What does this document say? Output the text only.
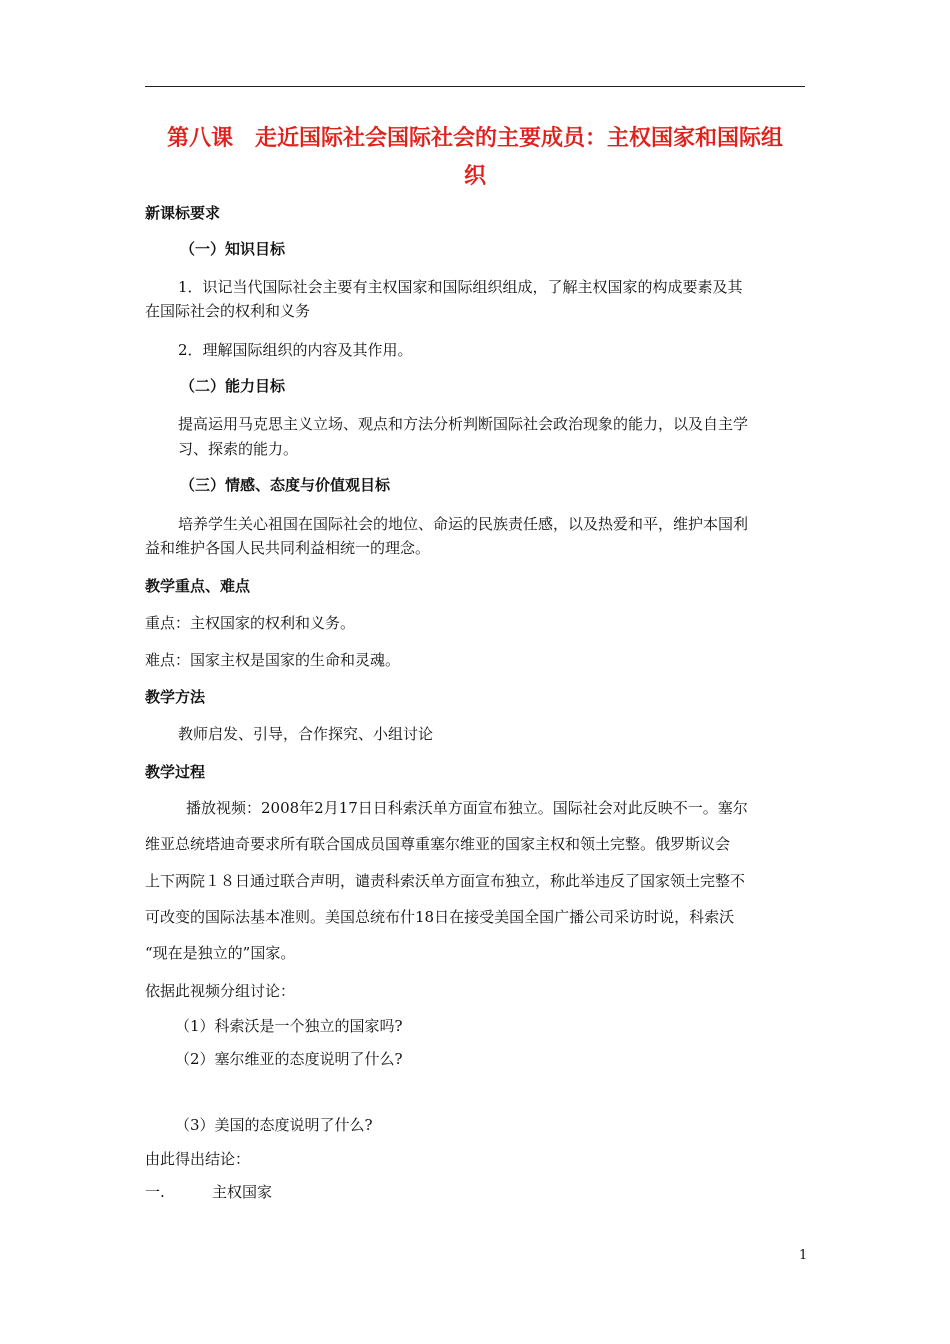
第八课　走近国际社会国际社会的主要成员：主权国家和国际组
织
新课标要求
（一）知识目标
1．识记当代国际社会主要有主权国家和国际组织组成，了解主权国家的构成要素及其
在国际社会的权利和义务
2．理解国际组织的内容及其作用。
（二）能力目标
提高运用马克思主义立场、观点和方法分析判断国际社会政治现象的能力，以及自主学
习、探索的能力。
（三）情感、态度与价值观目标
培养学生关心祖国在国际社会的地位、命运的民族责任感，以及热爱和平，维护本国利
益和维护各国人民共同利益相统一的理念。
教学重点、难点
重点：主权国家的权利和义务。
难点：国家主权是国家的生命和灵魂。
教学方法
教师启发、引导，合作探究、小组讨论
教学过程
播放视频：2008年2月17日日科索沃单方面宣布独立。国际社会对此反映不一。塞尔
维亚总统塔迪奇要求所有联合国成员国尊重塞尔维亚的国家主权和领土完整。俄罗斯议会
上下两院１８日通过联合声明，谴责科索沃单方面宣布独立，称此举违反了国家领土完整不
可改变的国际法基本准则。美国总统布什18日在接受美国全国广播公司采访时说，科索沃
“现在是独立的”国家。
依据此视频分组讨论：
（1）科索沃是一个独立的国家吗?
（2）塞尔维亚的态度说明了什么?
（3）美国的态度说明了什么?
由此得出结论：
一.	主权国家
1
